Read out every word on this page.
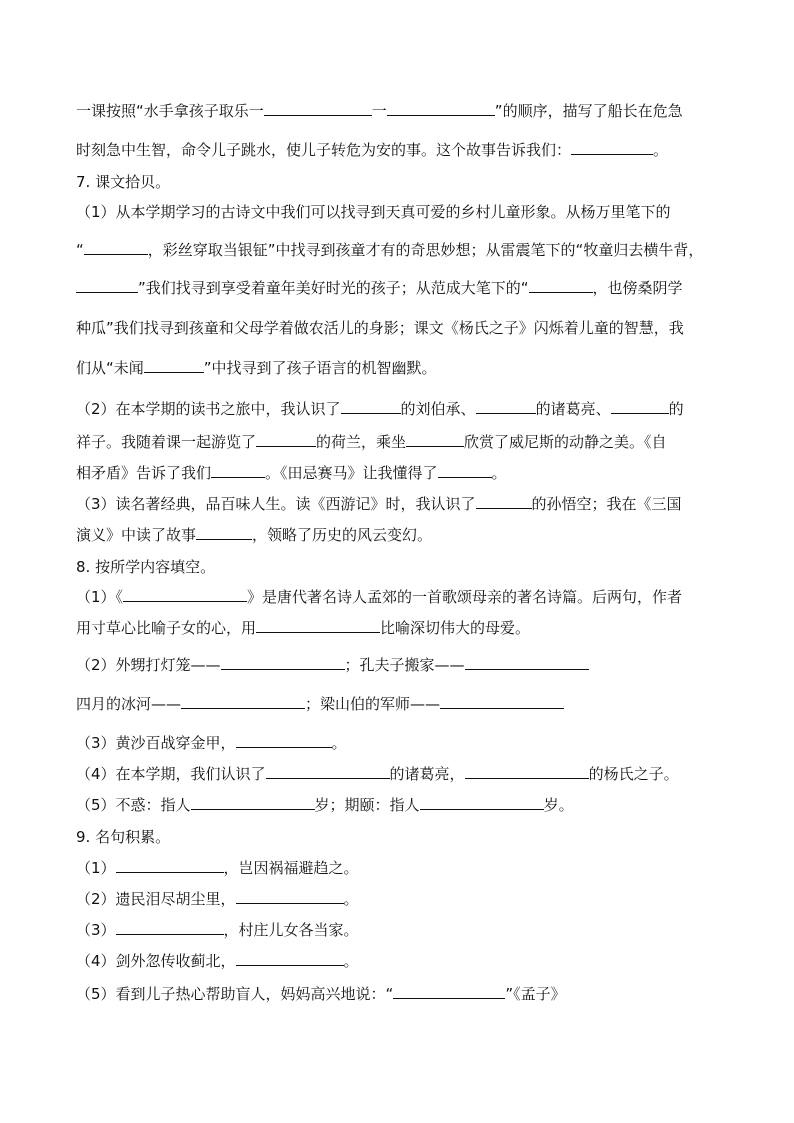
一课按照“水手拿孩子取乐一	一	”的顺序，描写了船长在危急
时刻急中生智，命令儿子跳水，使儿子转危为安的事。这个故事告诉我们：	。
7. 课文拾贝。
（1）从本学期学习的古诗文中我们可以找寻到天真可爱的乡村儿童形象。从杨万里笔下的
“	，彩丝穿取当银钲”中找寻到孩童才有的奇思妙想；从雷震笔下的“牧童归去横牛背，
”我们找寻到享受着童年美好时光的孩子；从范成大笔下的“	，也傍桑阴学
种瓜”我们找寻到孩童和父母学着做农活儿的身影；课文《杨氏之子》闪烁着儿童的智慧，我
们从“未闻	”中找寻到了孩子语言的机智幽默。
（2）在本学期的读书之旅中，我认识了	的刘伯承、	的诸葛亮、	的
祥子。我随着课一起游览了	的荷兰，乘坐	欣赏了威尼斯的动静之美。《自
相矛盾》告诉了我们	。《田忌赛马》让我懂得了	。
（3）读名著经典，品百味人生。读《西游记》时，我认识了	的孙悟空；我在《三国
演义》中读了故事	，领略了历史的风云变幻。
8. 按所学内容填空。
（1）《	》是唐代著名诗人孟郊的一首歌颂母亲的著名诗篇。后两句，作者
用寸草心比喻子女的心，用	比喻深切伟大的母爱。
（2）外甥打灯笼——	；孔夫子搬家——
四月的冰河——	；梁山伯的军师——
（3）黄沙百战穿金甲，	。
（4）在本学期，我们认识了	的诸葛亮，	的杨氏之子。
（5）不惑：指人	岁；期颐：指人	岁。
9. 名句积累。
（1）	，岂因祸福避趋之。
（2）遗民泪尽胡尘里，	。
（3）	，村庄儿女各当家。
（4）剑外忽传收蓟北，	。
（5）看到儿子热心帮助盲人，妈妈高兴地说：“	”《孟子》
